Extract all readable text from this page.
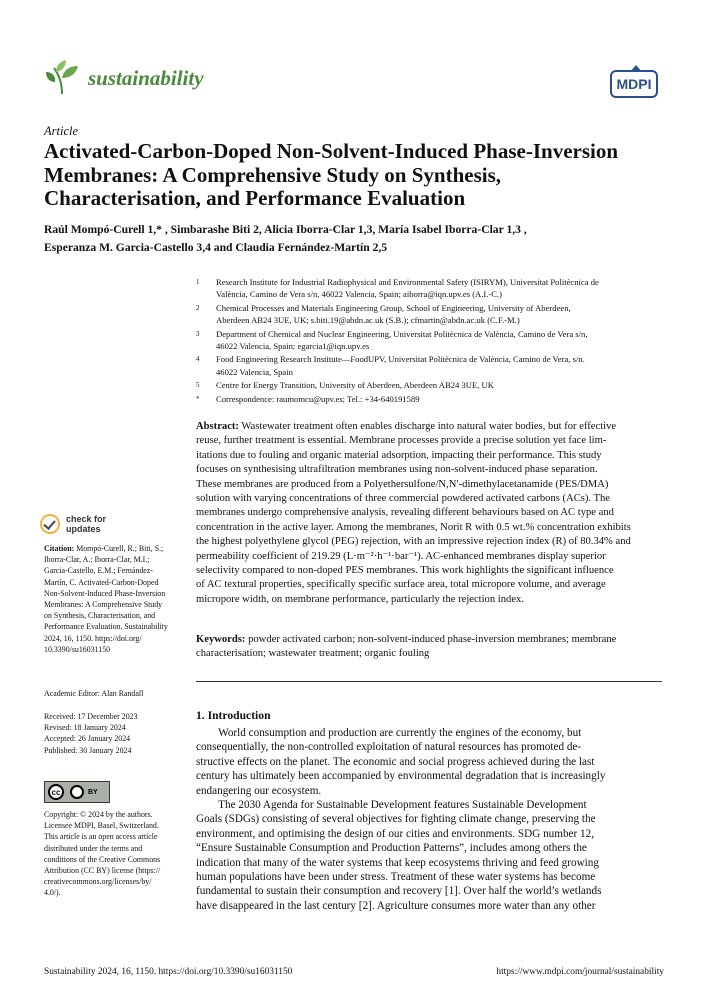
sustainability	MDPI
Article
Activated-Carbon-Doped Non-Solvent-Induced Phase-Inversion
Membranes: A Comprehensive Study on Synthesis,
Characterisation, and Performance Evaluation
Raúl Mompó-Curell 1,* , Simbarashe Biti 2, Alicia Iborra-Clar 1,3, María Isabel Iborra-Clar 1,3 ,
Esperanza M. Garcia-Castello 3,4 and Claudia Fernández-Martín 2,5
1	Research Institute for Industrial Radiophysical and Environmental Safety (ISIRYM), Universitat Politècnica de
València, Camino de Vera s/n, 46022 Valencia, Spain; aiborra@iqn.upv.es (A.I.-C.)
2	Chemical Processes and Materials Engineering Group, School of Engineering, University of Aberdeen,
Aberdeen AB24 3UE, UK; s.biti.19@abdn.ac.uk (S.B.); cfmartin@abdn.ac.uk (C.F.-M.)
3	Department of Chemical and Nuclear Engineering, Universitat Politècnica de València, Camino de Vera s/n,
46022 Valencia, Spain; egarcia1@iqn.upv.es
4	Food Engineering Research Institute—FoodUPV, Universitat Politècnica de València, Camino de Vera, s/n.
46022 Valencia, Spain
5	Centre for Energy Transition, University of Aberdeen, Aberdeen AB24 3UE, UK
*	Correspondence: raumomcu@upv.es; Tel.: +34-640191589
Abstract: Wastewater treatment often enables discharge into natural water bodies, but for effective
reuse, further treatment is essential. Membrane processes provide a precise solution yet face lim-
itations due to fouling and organic material adsorption, impacting their performance. This study
focuses on synthesising ultrafiltration membranes using non-solvent-induced phase separation.
These membranes are produced from a Polyethersulfone/N,N′-dimethylacetanamide (PES/DMA)
solution with varying concentrations of three commercial powdered activated carbons (ACs). The
membranes undergo comprehensive analysis, revealing different behaviours based on AC type and
concentration in the active layer. Among the membranes, Norit R with 0.5 wt.% concentration exhibits
the highest polyethylene glycol (PEG) rejection, with an impressive rejection index (R) of 80.34% and
permeability coefficient of 219.29 (L·m⁻²·h⁻¹·bar⁻¹). AC-enhanced membranes display superior
selectivity compared to non-doped PES membranes. This work highlights the significant influence
of AC textural properties, specifically specific surface area, total micropore volume, and average
micropore width, on membrane performance, particularly the rejection index.
Keywords: powder activated carbon; non-solvent-induced phase-inversion membranes; membrane
characterisation; wastewater treatment; organic fouling
1. Introduction
World consumption and production are currently the engines of the economy, but
consequentially, the non-controlled exploitation of natural resources has promoted de-
structive effects on the planet. The economic and social progress achieved during the last
century has ultimately been accompanied by environmental degradation that is increasingly
endangering our ecosystem.
The 2030 Agenda for Sustainable Development features Sustainable Development
Goals (SDGs) consisting of several objectives for fighting climate change, preserving the
environment, and optimising the design of our cities and environments. SDG number 12,
“Ensure Sustainable Consumption and Production Patterns”, includes among others the
indication that many of the water systems that keep ecosystems thriving and feed growing
human populations have been under stress. Treatment of these water systems has become
fundamental to sustain their consumption and recovery [1]. Over half the world’s wetlands
have disappeared in the last century [2]. Agriculture consumes more water than any other
check for
updates
Citation: Mompó-Curell, R.; Biti, S.;
Iborra-Clar, A.; Iborra-Clar, M.I.;
Garcia-Castello, E.M.; Fernández-
Martín, C. Activated-Carbon-Doped
Non-Solvent-Induced Phase-Inversion
Membranes: A Comprehensive Study
on Synthesis, Characterisation, and
Performance Evaluation. Sustainability
2024, 16, 1150. https://doi.org/
10.3390/su16031150
Academic Editor: Alan Randall
Received: 17 December 2023
Revised: 18 January 2024
Accepted: 26 January 2024
Published: 30 January 2024
cc	BY
Copyright: © 2024 by the authors.
Licensee MDPI, Basel, Switzerland.
This article is an open access article
distributed under the terms and
conditions of the Creative Commons
Attribution (CC BY) license (https://
creativecommons.org/licenses/by/
4.0/).
Sustainability 2024, 16, 1150. https://doi.org/10.3390/su16031150	https://www.mdpi.com/journal/sustainability
